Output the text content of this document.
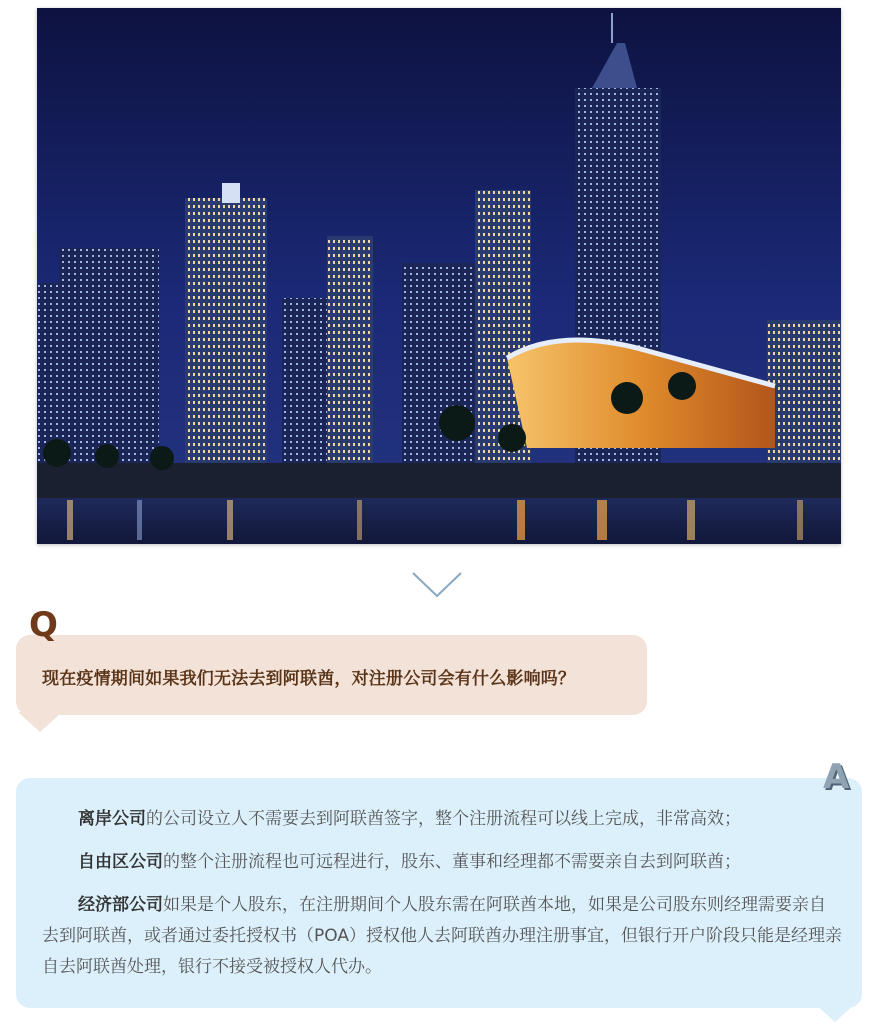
Q
现在疫情期间如果我们无法去到阿联酋，对注册公司会有什么影响吗？
A

离岸公司的公司设立人不需要去到阿联酋签字，整个注册流程可以线上完成，非常高效；

自由区公司的整个注册流程也可远程进行，股东、董事和经理都不需要亲自去到阿联酋；

经济部公司如果是个人股东，在注册期间个人股东需在阿联酋本地，如果是公司股东则经理需要亲自去到阿联酋，或者通过委托授权书（POA）授权他人去阿联酋办理注册事宜，但银行开户阶段只能是经理亲自去阿联酋处理，银行不接受被授权人代办。
